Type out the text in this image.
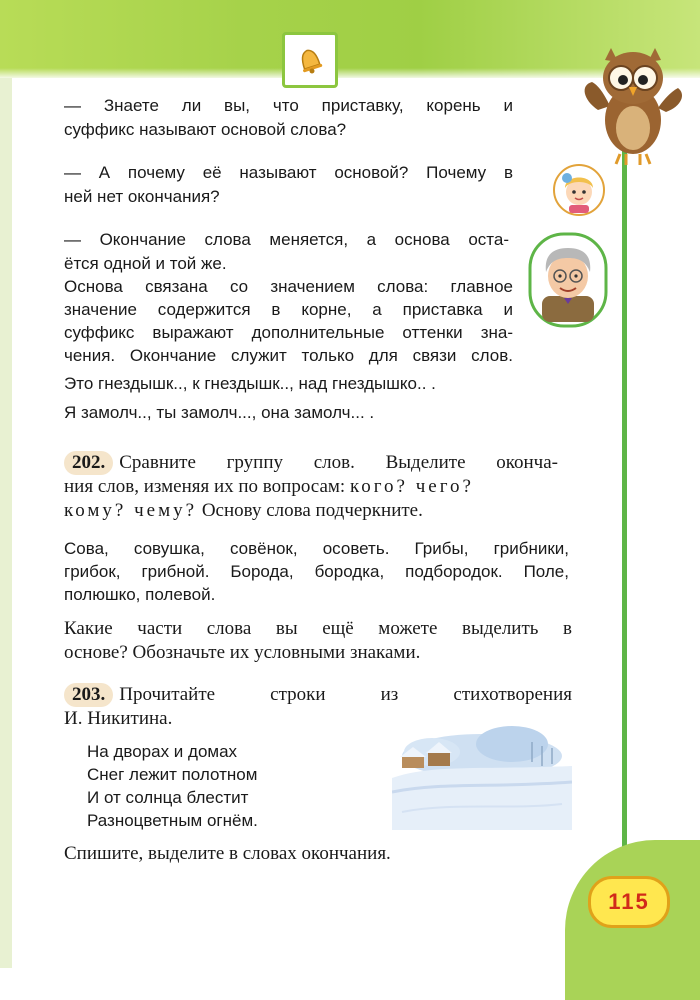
— Знаете ли вы, что приставку, корень и
суффикс называют основой слова?
— А почему её называют основой? Почему в
ней нет окончания?
— Окончание слова меняется, а основа оста-
ётся одной и той же.
Основа связана со значением слова: главное
значение содержится в корне, а приставка и
суффикс выражают дополнительные оттенки зна-
чения. Окончание служит только для связи слов.
Это гнездышк.., к гнездышк.., над гнездышко.. .
Я замолч.., ты замолч..., она замолч... .
202. Сравните группу слов. Выделите оконча-
ния слов, изменяя их по вопросам: кого? чего?
кому? чему? Основу слова подчеркните.
Сова, совушка, совёнок, осоветь. Грибы, грибники,
грибок, грибной. Борода, бородка, подбородок. Поле,
полюшко, полевой.
Какие части слова вы ещё можете выделить в
основе? Обозначьте их условными знаками.
203. Прочитайте строки из стихотворения
И. Никитина.
На дворах и домах
Снег лежит полотном
И от солнца блестит
Разноцветным огнём.
Спишите, выделите в словах окончания.
115
